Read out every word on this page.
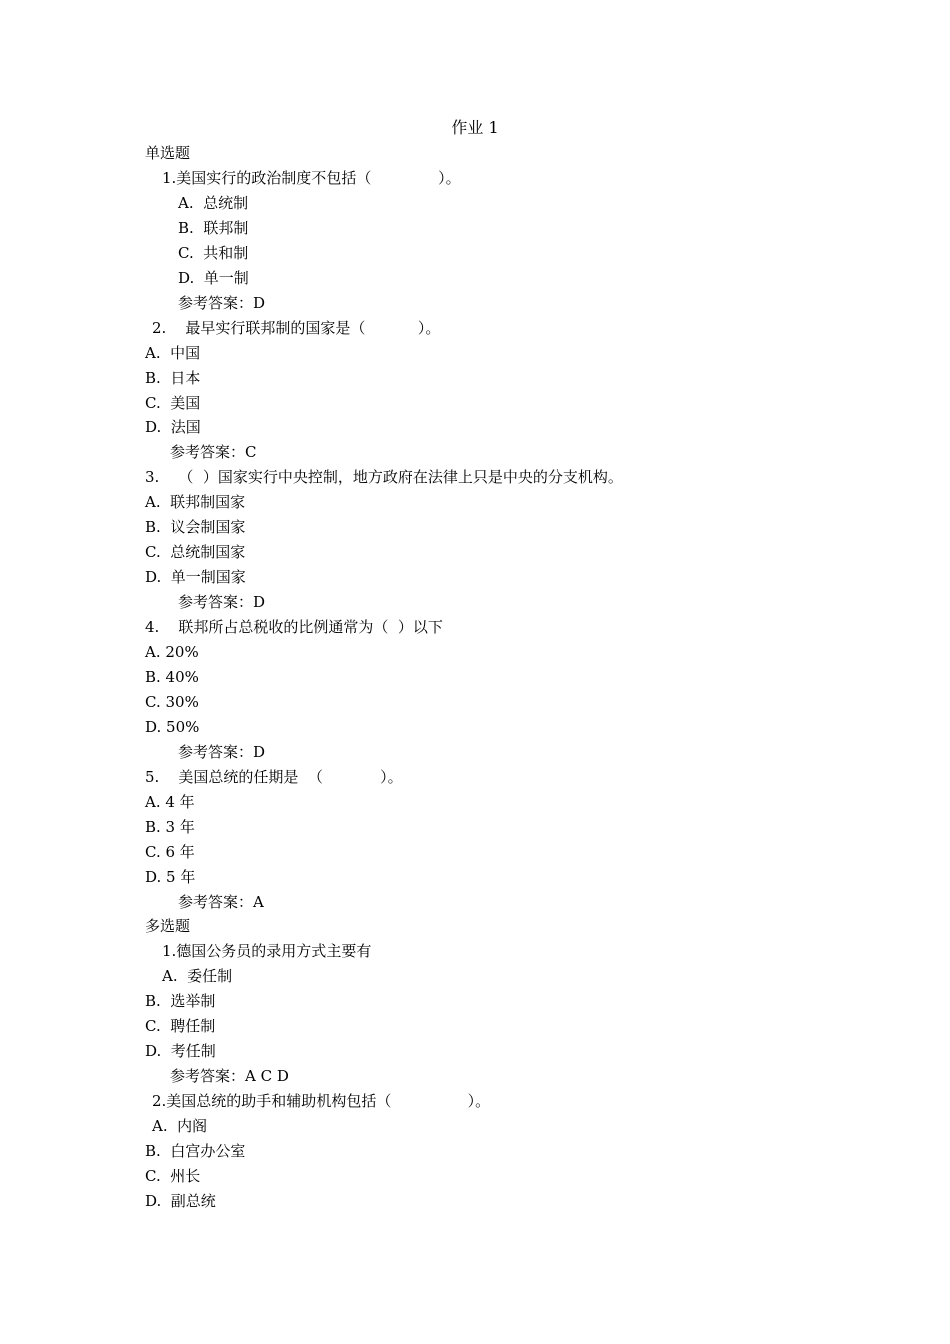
作业 1
单选题
1.美国实行的政治制度不包括（              ）。
A.  总统制
B.  联邦制
C.  共和制
D.  单一制
参考答案：D
2.    最早实行联邦制的国家是（           ）。
A.  中国
B.  日本
C.  美国
D.  法国
参考答案：C
3.    （  ）国家实行中央控制，地方政府在法律上只是中央的分支机构。
A.  联邦制国家
B.  议会制国家
C.  总统制国家
D.  单一制国家
参考答案：D
4.    联邦所占总税收的比例通常为（  ）以下
A. 20%
B. 40%
C. 30%
D. 50%
参考答案：D
5.    美国总统的任期是  （            ）。
A. 4 年
B. 3 年
C. 6 年
D. 5 年
参考答案：A
多选题
1.德国公务员的录用方式主要有
A.  委任制
B.  选举制
C.  聘任制
D.  考任制
参考答案：A C D
2.美国总统的助手和辅助机构包括（                ）。
A.  内阁
B.  白宫办公室
C.  州长
D.  副总统
